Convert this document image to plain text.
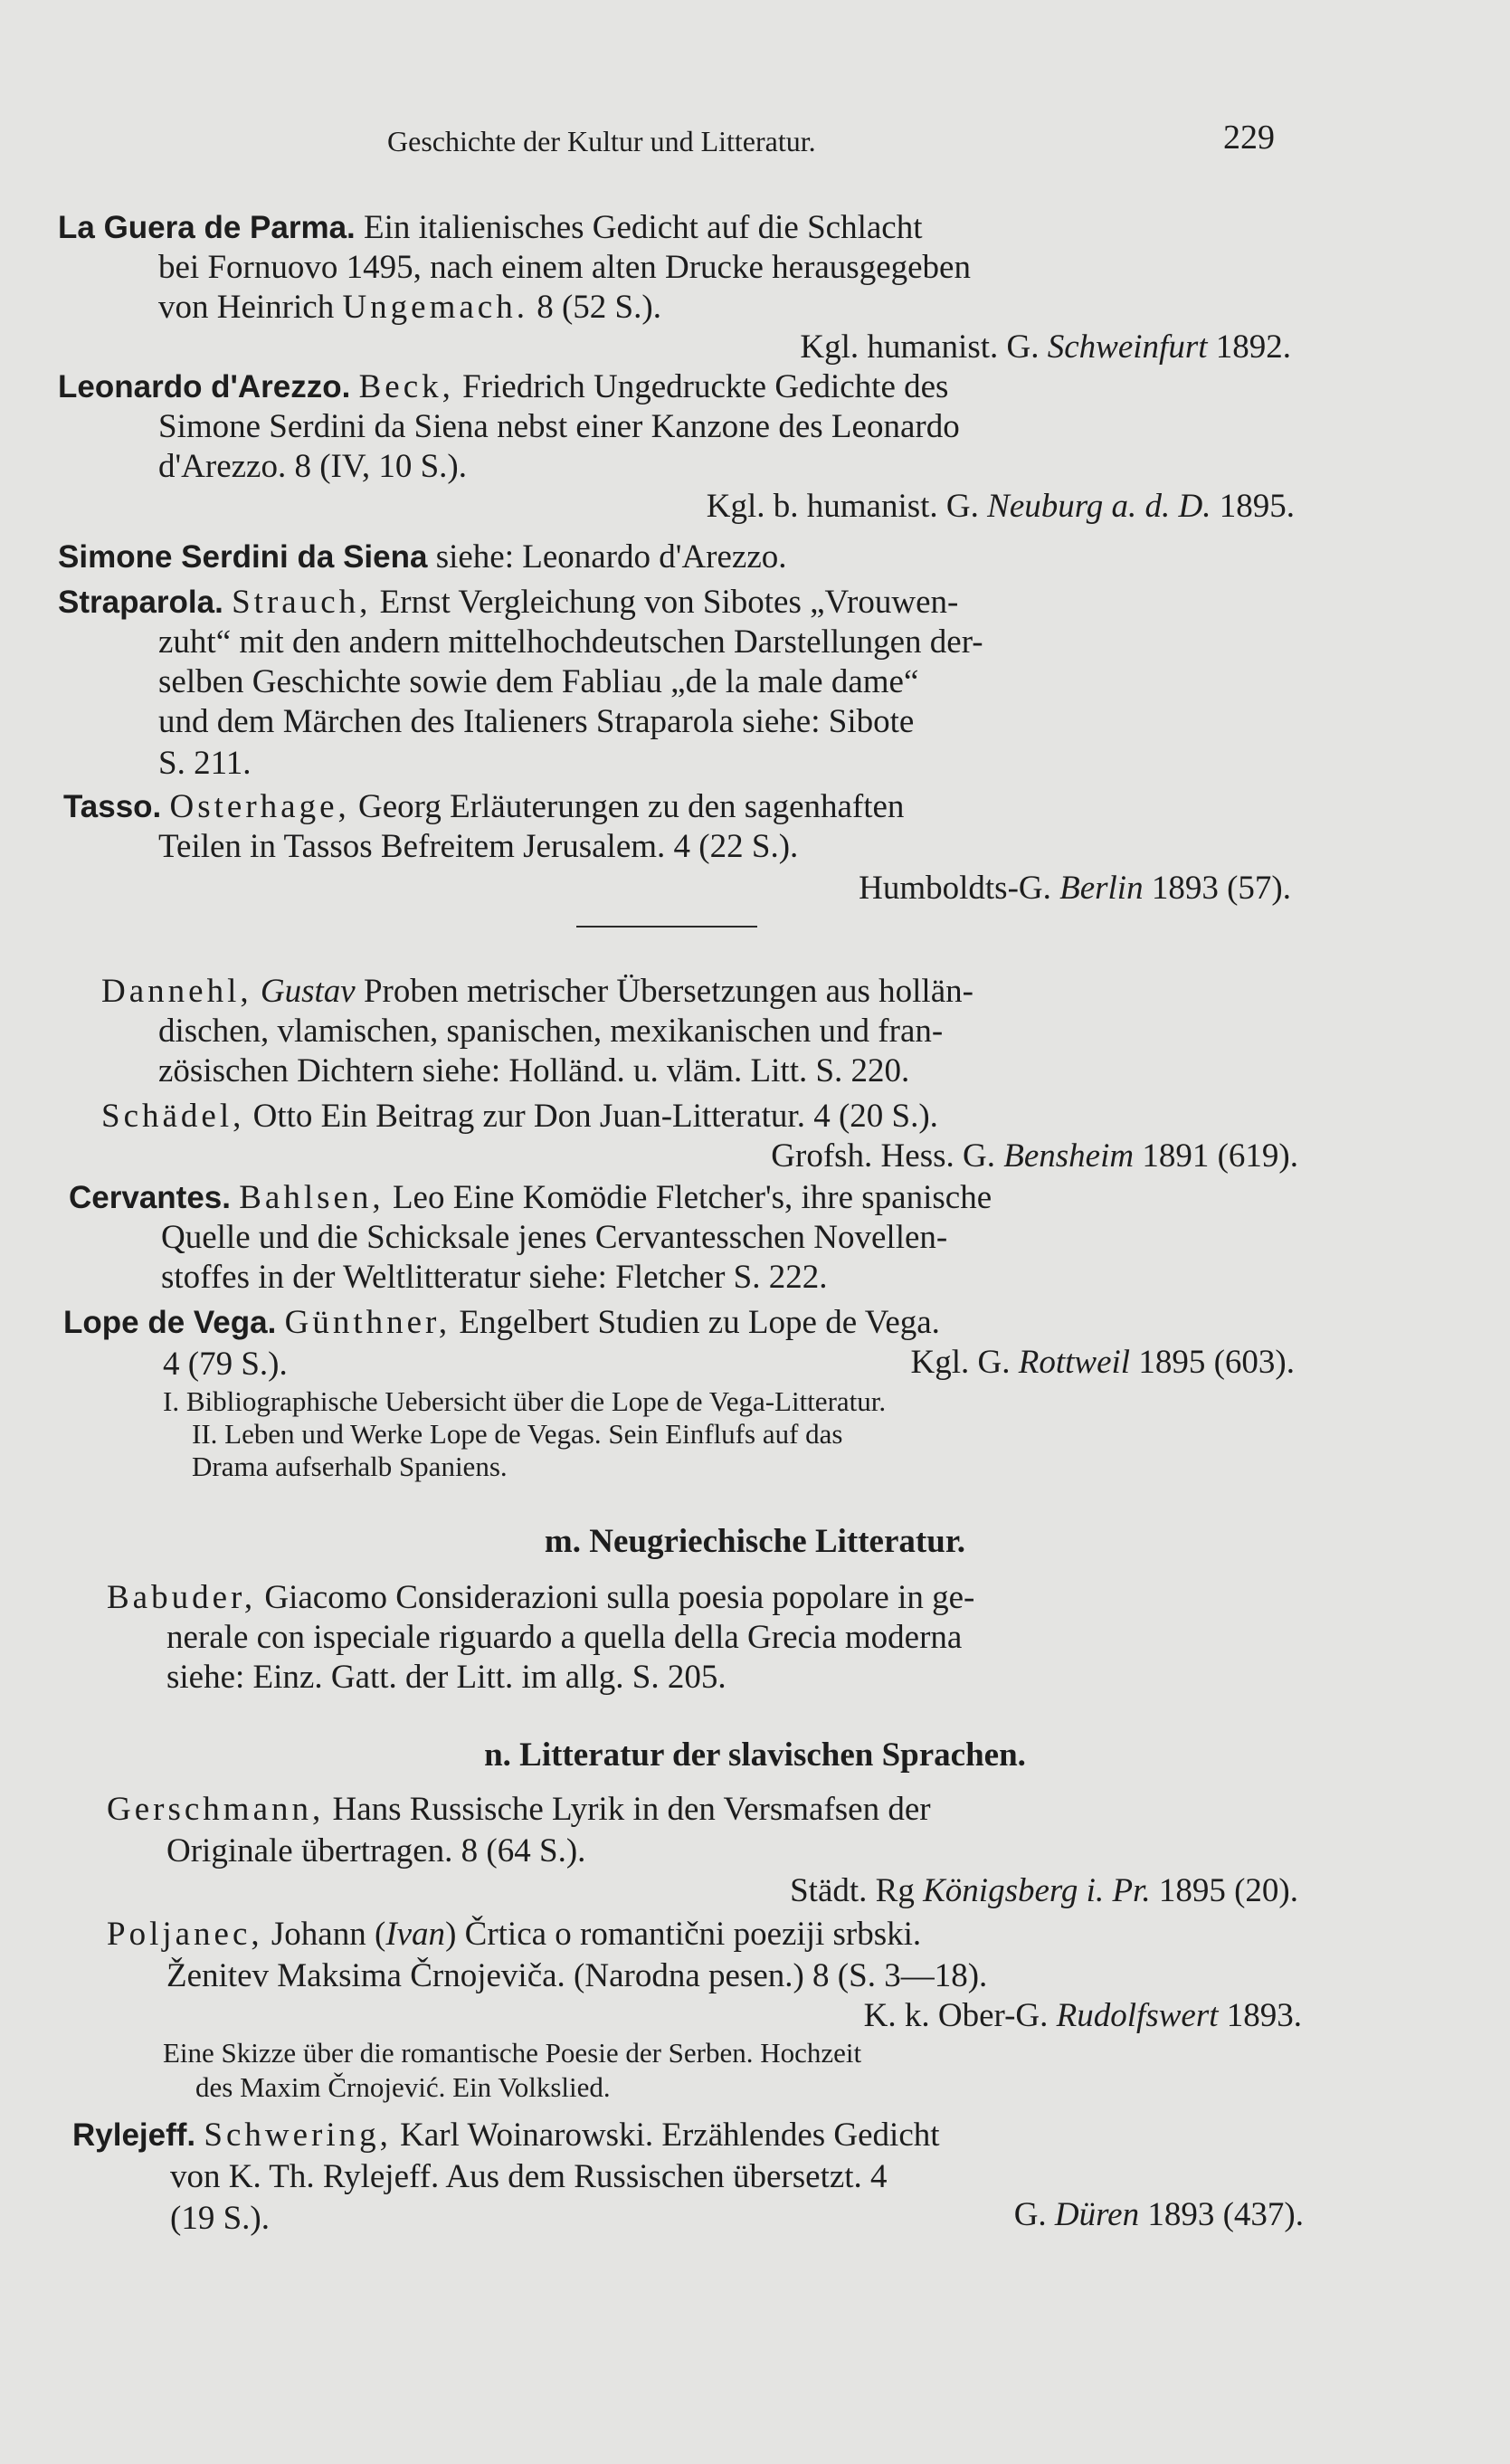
Geschichte der Kultur und Litteratur.	229
La Guera de Parma. Ein italienisches Gedicht auf die Schlacht
bei Fornuovo 1495, nach einem alten Drucke herausgegeben
von Heinrich Ungemach. 8 (52 S.).
Kgl. humanist. G. Schweinfurt 1892.
Leonardo d'Arezzo. Beck, Friedrich Ungedruckte Gedichte des
Simone Serdini da Siena nebst einer Kanzone des Leonardo
d'Arezzo. 8 (IV, 10 S.).
Kgl. b. humanist. G. Neuburg a. d. D. 1895.
Simone Serdini da Siena siehe: Leonardo d'Arezzo.
Straparola. Strauch, Ernst Vergleichung von Sibotes „Vrouwen-
zuht“ mit den andern mittelhochdeutschen Darstellungen der-
selben Geschichte sowie dem Fabliau „de la male dame“
und dem Märchen des Italieners Straparola siehe: Sibote
S. 211.
Tasso. Osterhage, Georg Erläuterungen zu den sagenhaften
Teilen in Tassos Befreitem Jerusalem. 4 (22 S.).
Humboldts-G. Berlin 1893 (57).
Dannehl, Gustav Proben metrischer Übersetzungen aus hollän-
dischen, vlamischen, spanischen, mexikanischen und fran-
zösischen Dichtern siehe: Holländ. u. vläm. Litt. S. 220.
Schädel, Otto Ein Beitrag zur Don Juan-Litteratur. 4 (20 S.).
Grofsh. Hess. G. Bensheim 1891 (619).
Cervantes. Bahlsen, Leo Eine Komödie Fletcher's, ihre spanische
Quelle und die Schicksale jenes Cervantesschen Novellen-
stoffes in der Weltlitteratur siehe: Fletcher S. 222.
Lope de Vega. Günthner, Engelbert Studien zu Lope de Vega.
4 (79 S.).	Kgl. G. Rottweil 1895 (603).
I. Bibliographische Uebersicht über die Lope de Vega-Litteratur.
II. Leben und Werke Lope de Vegas. Sein Einflufs auf das
Drama aufserhalb Spaniens.
m. Neugriechische Litteratur.
Babuder, Giacomo Considerazioni sulla poesia popolare in ge-
nerale con ispeciale riguardo a quella della Grecia moderna
siehe: Einz. Gatt. der Litt. im allg. S. 205.
n. Litteratur der slavischen Sprachen.
Gerschmann, Hans Russische Lyrik in den Versmafsen der
Originale übertragen. 8 (64 S.).
Städt. Rg Königsberg i. Pr. 1895 (20).
Poljanec, Johann (Ivan) Črtica o romantični poeziji srbski.
Ženitev Maksima Črnojeviča. (Narodna pesen.) 8 (S. 3—18).
K. k. Ober-G. Rudolfswert 1893.
Eine Skizze über die romantische Poesie der Serben. Hochzeit
des Maxim Črnojević. Ein Volkslied.
Rylejeff. Schwering, Karl Woinarowski. Erzählendes Gedicht
von K. Th. Rylejeff. Aus dem Russischen übersetzt. 4
(19 S.).	G. Düren 1893 (437).
